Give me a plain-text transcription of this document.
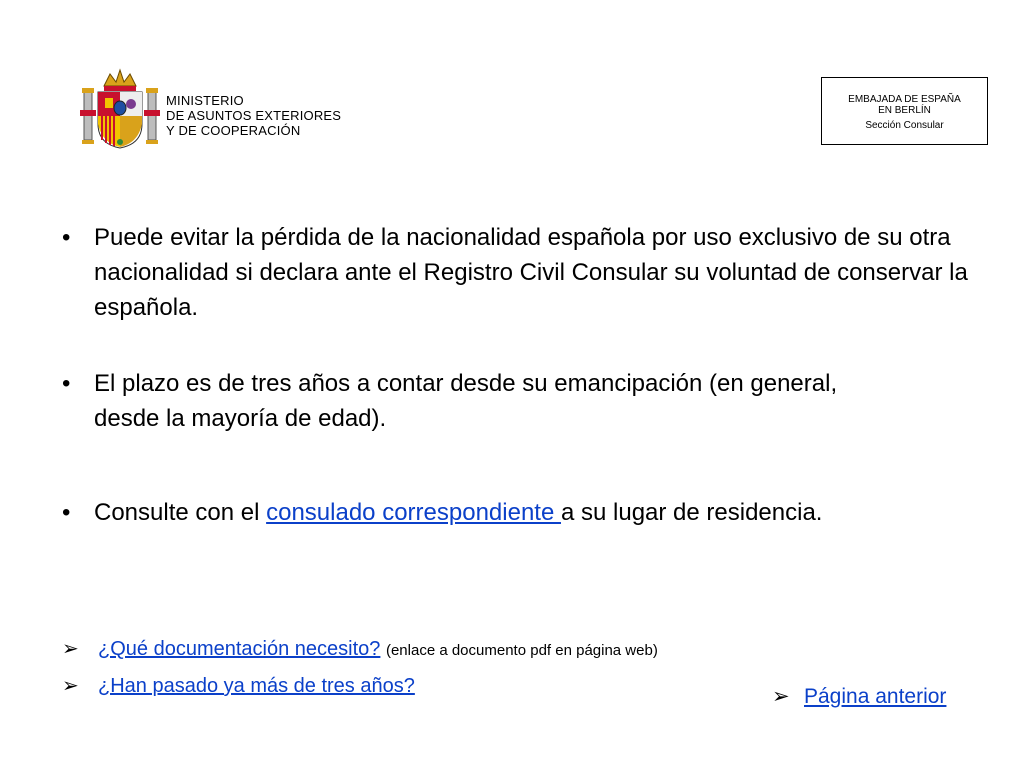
MINISTERIO
DE ASUNTOS EXTERIORES
Y DE COOPERACIÓN
EMBAJADA DE ESPAÑA
EN BERLÍN
Sección Consular
• Puede evitar la pérdida de la nacionalidad española por uso exclusivo de su otra nacionalidad si declara ante el Registro Civil Consular su voluntad de conservar la española.
• El plazo es de tres años a contar desde su emancipación (en general, desde la mayoría de edad).
• Consulte con el consulado correspondiente a su lugar de residencia.
➢ ¿Qué documentación necesito? (enlace a documento pdf en página web)
➢ ¿Han pasado ya más de tres años?	➢ Página anterior
